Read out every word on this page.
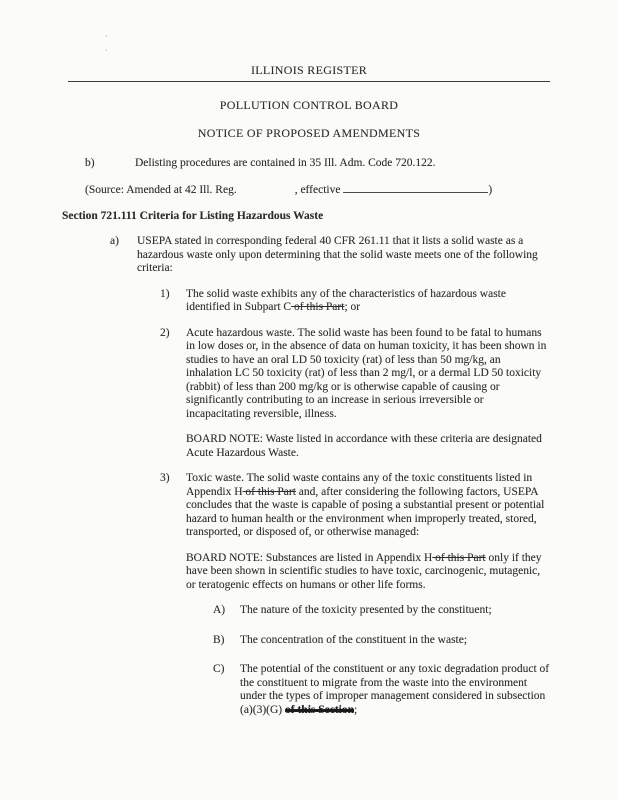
· ·
ILLINOIS REGISTER
POLLUTION CONTROL BOARD
NOTICE OF PROPOSED AMENDMENTS

b)	Delisting procedures are contained in 35 Ill. Adm. Code 720.122.

(Source: Amended at 42 Ill. Reg.	, effective	)

Section 721.111 Criteria for Listing Hazardous Waste

a)	USEPA stated in corresponding federal 40 CFR 261.11 that it lists a solid waste as a hazardous waste only upon determining that the solid waste meets one of the following criteria:

1)	The solid waste exhibits any of the characteristics of hazardous waste identified in Subpart C of this Part; or

2)	Acute hazardous waste. The solid waste has been found to be fatal to humans in low doses or, in the absence of data on human toxicity, it has been shown in studies to have an oral LD 50 toxicity (rat) of less than 50 mg/kg, an inhalation LC 50 toxicity (rat) of less than 2 mg/l, or a dermal LD 50 toxicity (rabbit) of less than 200 mg/kg or is otherwise capable of causing or significantly contributing to an increase in serious irreversible or incapacitating reversible, illness.

BOARD NOTE: Waste listed in accordance with these criteria are designated Acute Hazardous Waste.

3)	Toxic waste. The solid waste contains any of the toxic constituents listed in Appendix H of this Part and, after considering the following factors, USEPA concludes that the waste is capable of posing a substantial present or potential hazard to human health or the environment when improperly treated, stored, transported, or disposed of, or otherwise managed:

BOARD NOTE: Substances are listed in Appendix H of this Part only if they have been shown in scientific studies to have toxic, carcinogenic, mutagenic, or teratogenic effects on humans or other life forms.

A)	The nature of the toxicity presented by the constituent;

B)	The concentration of the constituent in the waste;

C)	The potential of the constituent or any toxic degradation product of the constituent to migrate from the waste into the environment under the types of improper management considered in subsection (a)(3)(G) of this Section;
